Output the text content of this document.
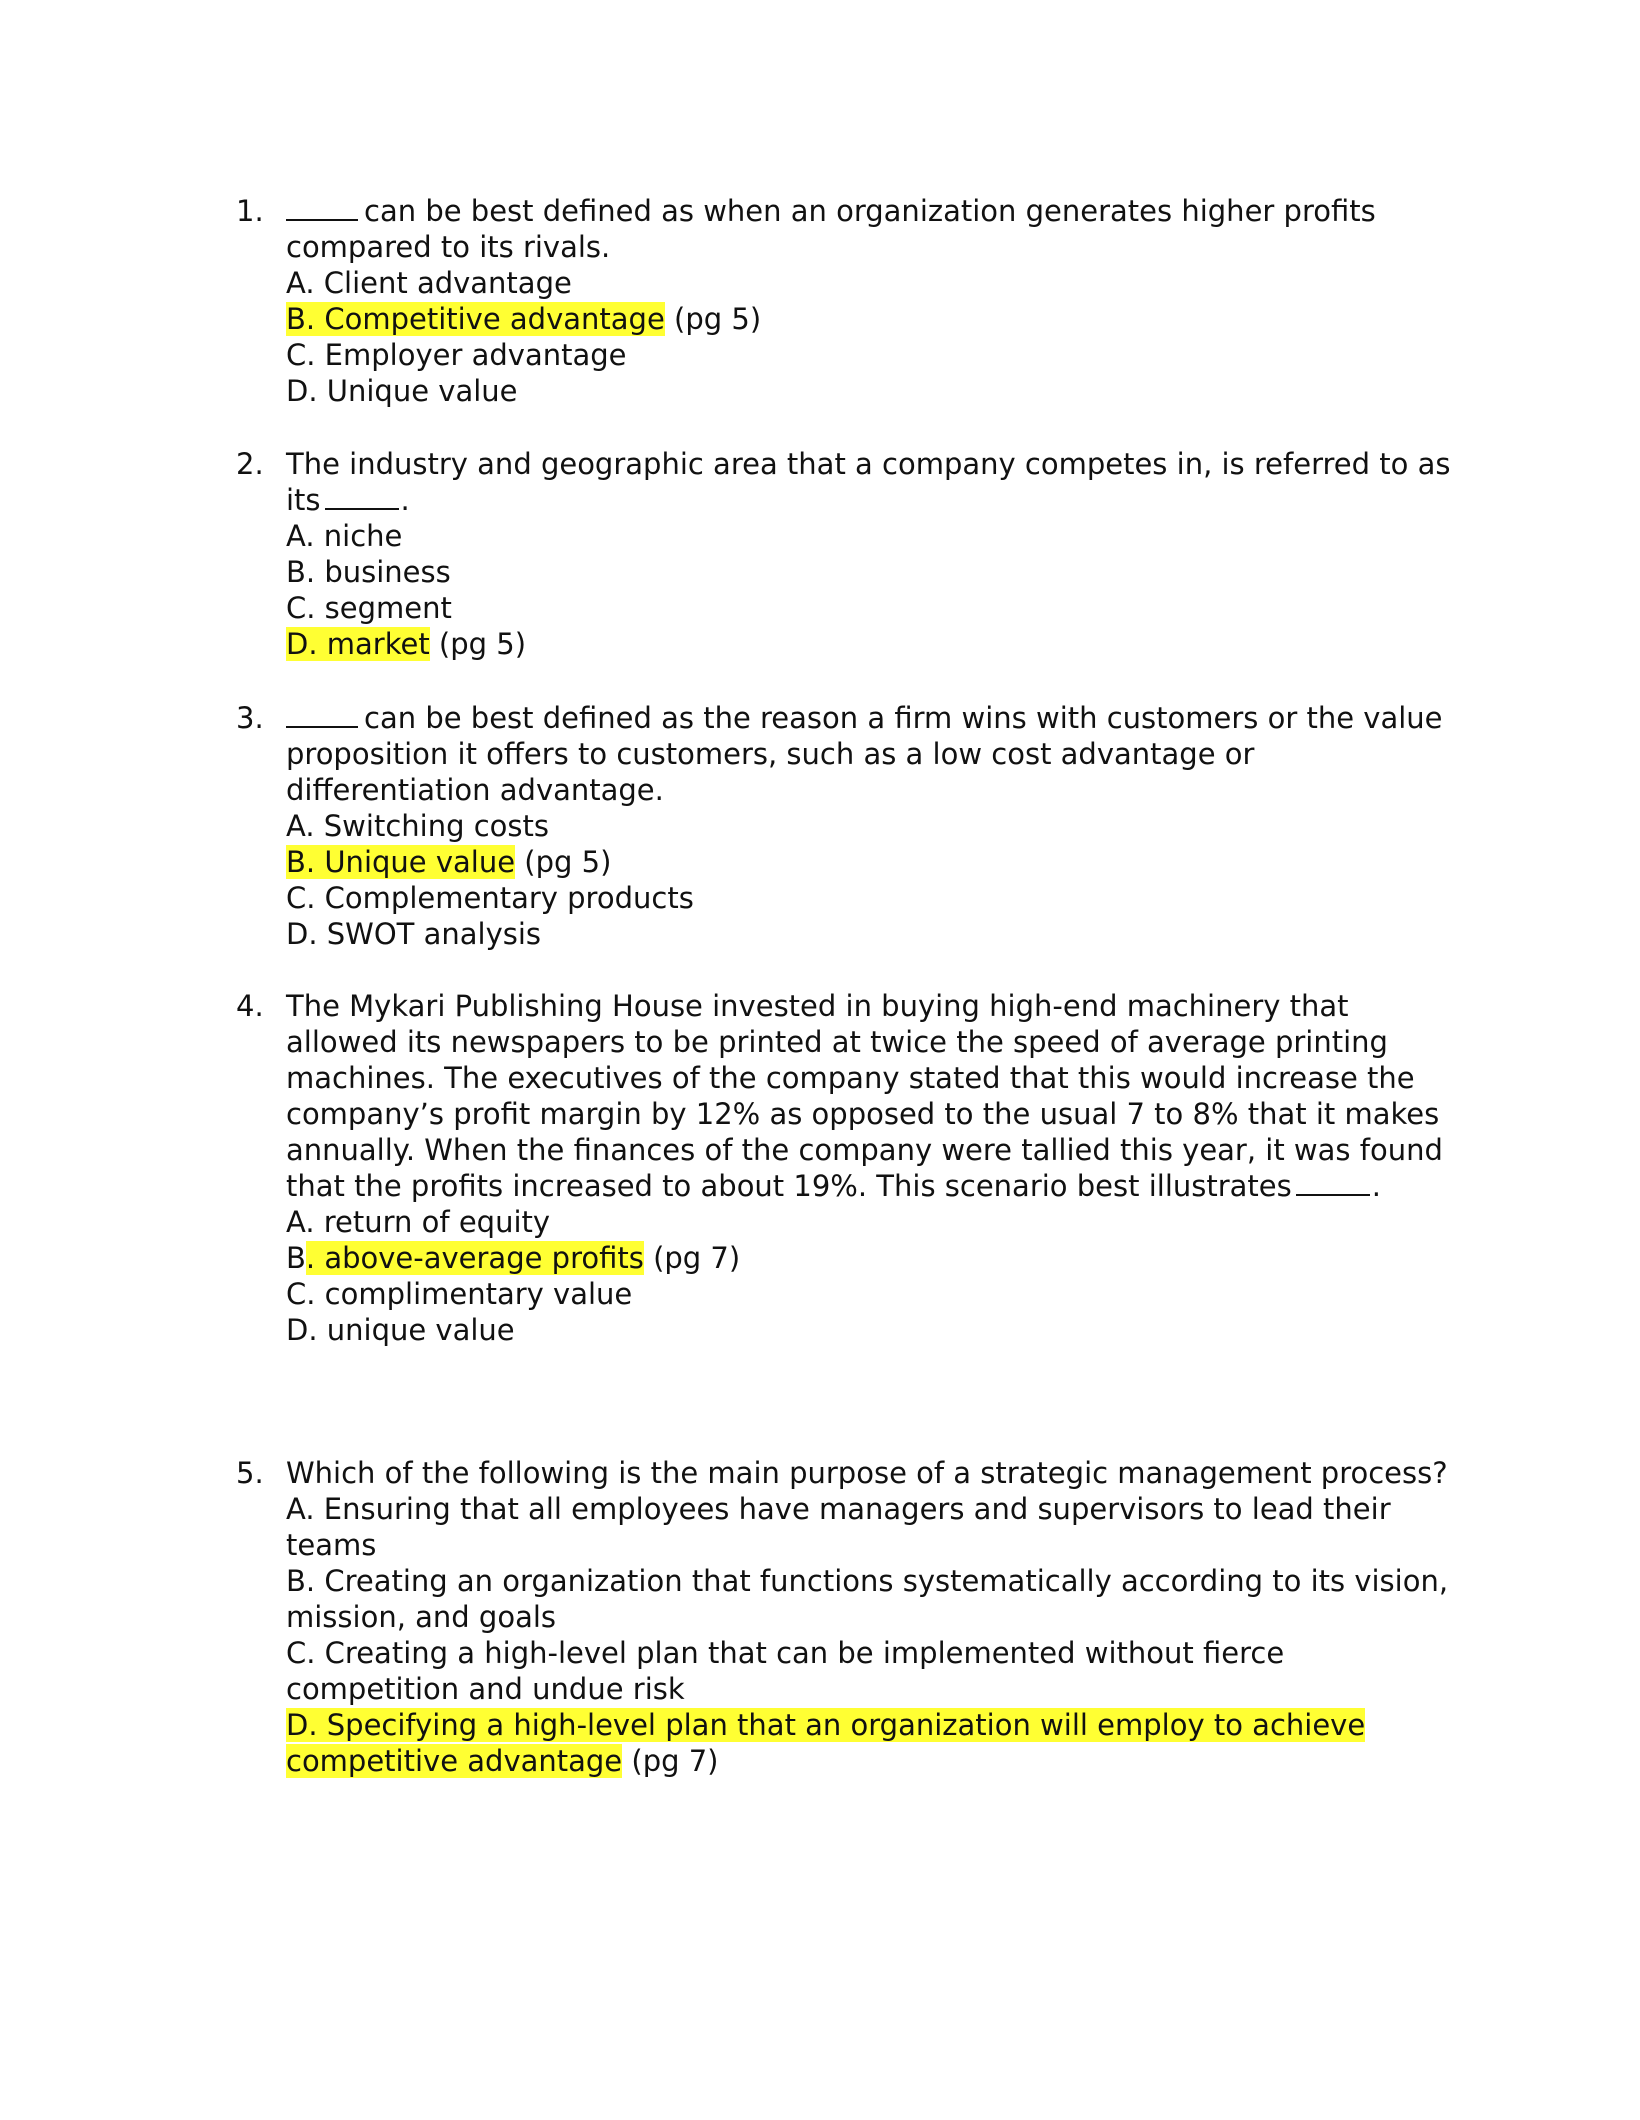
1.	can be best defined as when an organization generates higher profits compared to its rivals.
A. Client advantage
B. Competitive advantage (pg 5)
C. Employer advantage
D. Unique value
2. The industry and geographic area that a company competes in, is referred to as its	.
A. niche
B. business
C. segment
D. market (pg 5)
3.	can be best defined as the reason a firm wins with customers or the value proposition it offers to customers, such as a low cost advantage or differentiation advantage.
A. Switching costs
B. Unique value (pg 5)
C. Complementary products
D. SWOT analysis
4. The Mykari Publishing House invested in buying high-end machinery that allowed its newspapers to be printed at twice the speed of average printing machines. The executives of the company stated that this would increase the company’s profit margin by 12% as opposed to the usual 7 to 8% that it makes annually. When the finances of the company were tallied this year, it was found that the profits increased to about 19%. This scenario best illustrates	.
A. return of equity
B. above-average profits (pg 7)
C. complimentary value
D. unique value
5. Which of the following is the main purpose of a strategic management process?
A. Ensuring that all employees have managers and supervisors to lead their teams
B. Creating an organization that functions systematically according to its vision, mission, and goals
C. Creating a high-level plan that can be implemented without fierce competition and undue risk
D. Specifying a high-level plan that an organization will employ to achieve competitive advantage (pg 7)
